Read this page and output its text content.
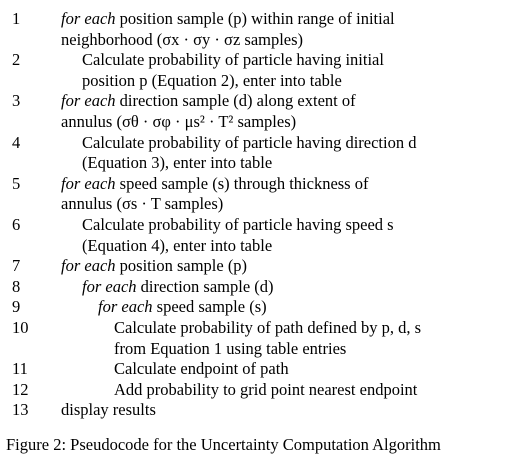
1	for each position sample (p) within range of initial
neighborhood (σx · σy · σz samples)
2	Calculate probability of particle having initial
position p (Equation 2), enter into table
3	for each direction sample (d) along extent of
annulus (σθ · σφ · μs² · T² samples)
4	Calculate probability of particle having direction d
(Equation 3), enter into table
5	for each speed sample (s) through thickness of
annulus (σs · T samples)
6	Calculate probability of particle having speed s
(Equation 4), enter into table
7	for each position sample (p)
8	for each direction sample (d)
9	for each speed sample (s)
10	Calculate probability of path defined by p, d, s
from Equation 1 using table entries
11	Calculate endpoint of path
12	Add probability to grid point nearest endpoint
13	display results
Figure 2: Pseudocode for the Uncertainty Computation Algorithm
